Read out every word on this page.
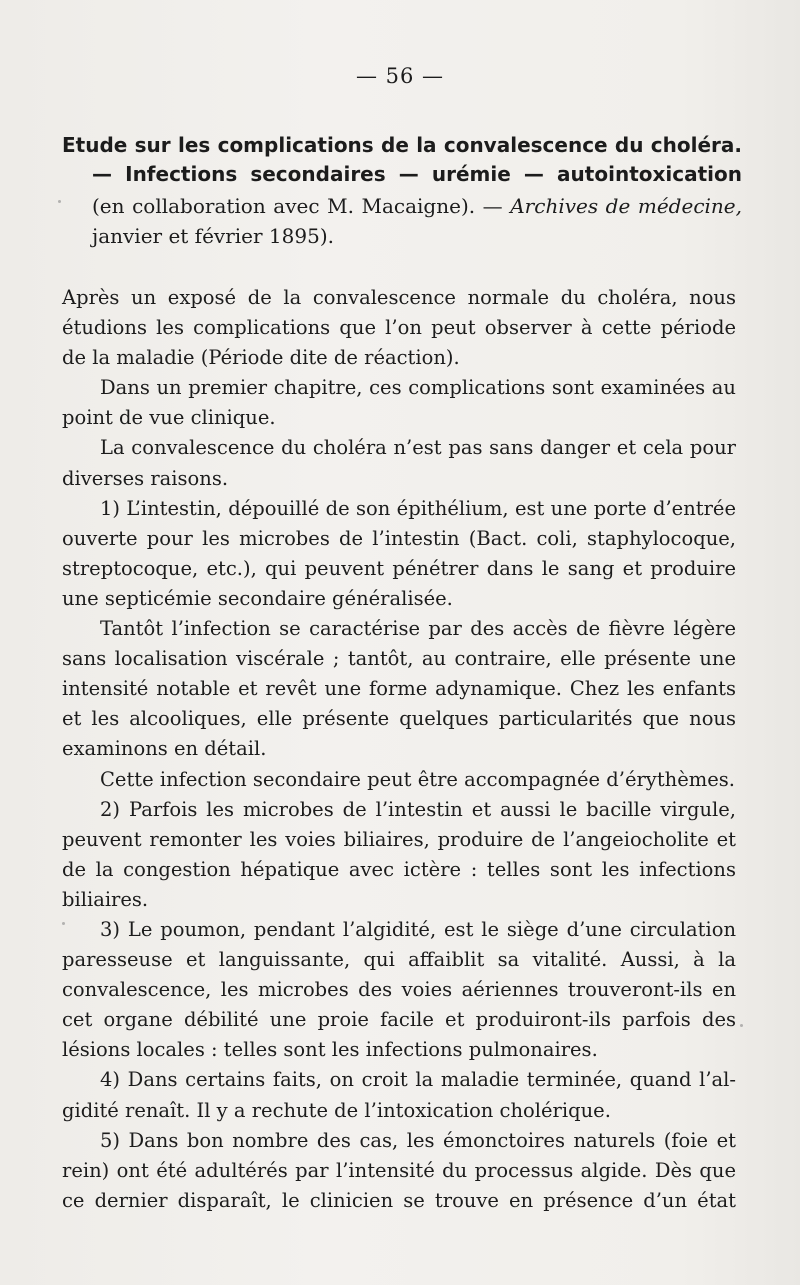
— 56 —
Etude sur les complications de la convalescence du choléra.
— Infections secondaires — urémie — autointoxication
(en collaboration avec M. Macaigne). — Archives de médecine,
janvier et février 1895).
Après un exposé de la convalescence normale du choléra, nous
étudions les complications que l’on peut observer à cette période
de la maladie (Période dite de réaction).
Dans un premier chapitre, ces complications sont examinées au
point de vue clinique.
La convalescence du choléra n’est pas sans danger et cela pour
diverses raisons.
1) L’intestin, dépouillé de son épithélium, est une porte d’entrée
ouverte pour les microbes de l’intestin (Bact. coli, staphylocoque,
streptocoque, etc.), qui peuvent pénétrer dans le sang et produire
une septicémie secondaire généralisée.
Tantôt l’infection se caractérise par des accès de fièvre légère
sans localisation viscérale ; tantôt, au contraire, elle présente une
intensité notable et revêt une forme adynamique. Chez les enfants
et les alcooliques, elle présente quelques particularités que nous
examinons en détail.
Cette infection secondaire peut être accompagnée d’érythèmes.
2) Parfois les microbes de l’intestin et aussi le bacille virgule,
peuvent remonter les voies biliaires, produire de l’angeiocholite et
de la congestion hépatique avec ictère : telles sont les infections
biliaires.
3) Le poumon, pendant l’algidité, est le siège d’une circulation
paresseuse et languissante, qui affaiblit sa vitalité. Aussi, à la
convalescence, les microbes des voies aériennes trouveront-ils en
cet organe débilité une proie facile et produiront-ils parfois des
lésions locales : telles sont les infections pulmonaires.
4) Dans certains faits, on croit la maladie terminée, quand l’al-
gidité renaît. Il y a rechute de l’intoxication cholérique.
5) Dans bon nombre des cas, les émonctoires naturels (foie et
rein) ont été adultérés par l’intensité du processus algide. Dès que
ce dernier disparaît, le clinicien se trouve en présence d’un état
